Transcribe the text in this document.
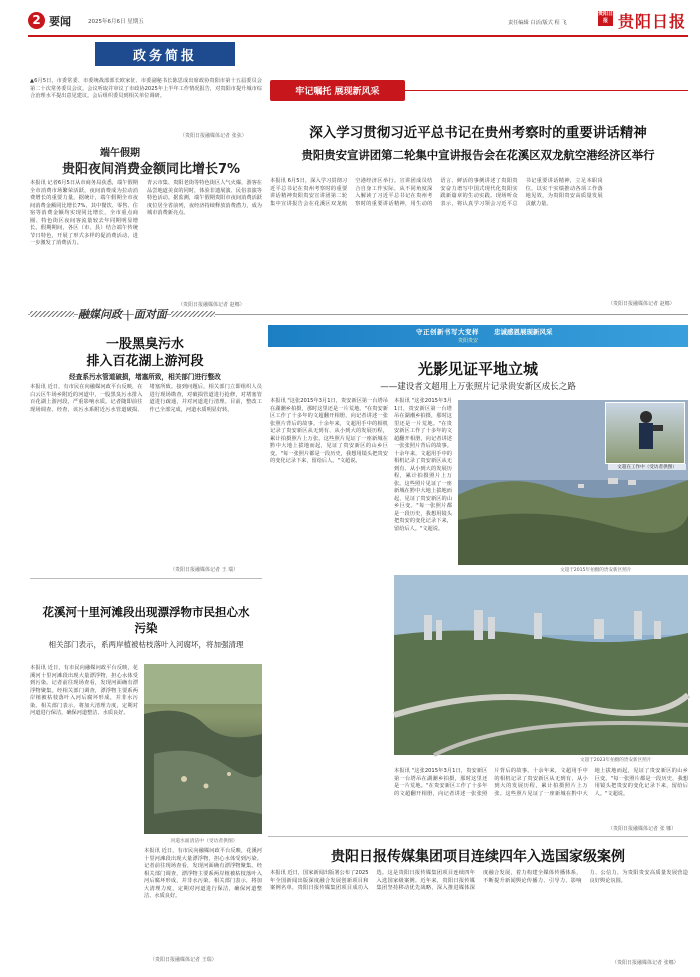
2 要闻	2025年6月6日 星期五	责任编辑 白活/版式 程 飞
贵阳日报 贵阳日报
政务简报
▲6月5日，市委常委、市委统战部部长欧家征、市委副秘书长陈思成出席政协贵阳市第十五届委员会第二十次常务委员会议。会议听取并审议了市政协2025年上半年工作情况报告，对贵阳市提升城市综合治理水平提出意见建议。会后组织委员到相关单位调研。
（贵阳日报融媒体记者 张弦）
端午假期
贵阳夜间消费金额同比增长7%
本报讯 记者6月5日从市商务局获悉，端午假期全市消费市场繁荣活跃，夜间消费成为拉动消费增长的重要力量。据统计，端午假期全市夜间消费金额同比增长7%，其中餐饮、零售、住宿等消费金额均实现同比增长，全市重点商圈、特色街区夜间客流量较去年同期明显增长。假期期间，各区（市、县）结合端午传统节日特色，开展了形式多样的促消费活动，进一步激发了消费活力。
青云市集、贵阳老街等特色街区人气火爆，游客在品尝地道美食的同时，体验非遗展演、民俗表演等特色活动。据监测，端午假期贵阳市夜间消费活跃度位居全省前列，夜经济持续释放消费潜力，成为城市消费新亮点。
（贵阳日报融媒体记者 赵娜）
牢记嘱托 展现新风采
深入学习贯彻习近平总书记在贵州考察时的重要讲话精神
贵阳贵安宣讲团第二轮集中宣讲报告会在花溪区双龙航空港经济区举行
本报讯 6月5日，深入学习贯彻习近平总书记在贵州考察时的重要讲话精神贵阳贵安宣讲团第二轮集中宣讲报告会在花溪区双龙航空港经济区举行。宣讲团成员结合自身工作实际，从不同角度深入解读了习近平总书记在贵州考察时的重要讲话精神，用生动的语言、鲜活的事例讲述了贵阳贵安奋力谱写中国式现代化贵阳实践新篇章的生动实践。现场听众表示，将认真学习领会习近平总书记重要讲话精神，立足本职岗位，以实干实绩推动各项工作落地见效，为贵阳贵安高质量发展贡献力量。
（贵阳日报融媒体记者 赵娜）
融媒问政 | 面对面
一股黑臭污水
排入百花湖上游河段
经查系污水管道破损，堵塞所致，相关部门进行整改
本报讯 近日，有市民在向融媒问政平台反映，在白云区牛场乡附近的河道中，一股黑臭污水排入百花湖上游河段，严重影响水质。记者随即前往现场调查。经查，该污水系附近污水管道破损、堵塞所致。接到问题后，相关部门立即组织人员进行现场勘查，对破损管道进行抢修，对堵塞管道进行疏通，并对河道进行清理。目前，整改工作已全部完成，河道水质明显好转。
（贵阳日报融媒体记者 王 瑞）
花溪河十里河滩段出现漂浮物市民担心水污染
相关部门表示，系两岸植被枯枝落叶入河腐坏，将加强清理
本报讯 近日，有市民向融媒问政平台反映，花溪河十里河滩段出现大量漂浮物，担心水体受到污染。记者前往现场查看，发现河面确有漂浮物聚集。经相关部门调查，漂浮物主要系两岸植被枯枝落叶入河后腐坏形成，并非水污染。相关部门表示，将加大清理力度，定期对河道进行保洁，确保河道整洁、水质良好。
河道水面清洁中（受访者供图）
本报讯 近日，有市民向融媒问政平台反映，花溪河十里河滩段出现大量漂浮物，担心水体受到污染。记者前往现场查看，发现河面确有漂浮物聚集。经相关部门调查，漂浮物主要系两岸植被枯枝落叶入河后腐坏形成，并非水污染。相关部门表示，将加大清理力度，定期对河道进行保洁，确保河道整洁、水质良好。
（贵阳日报融媒体记者 王瑞）
守正创新书写大变样 忠诚感恩展现新风采
贵阳贵安
光影见证平地立城
——建设者文超用上万张照片记录贵安新区成长之路
本报讯 "这张2015年3月1日，贵安新区第一台塔吊在湖潮乡拍摄，那时这里还是一片荒地。"在贵安新区工作了十多年的文超翻开相册，向记者讲述一张张照片背后的故事。十余年来，文超用手中的相机记录了贵安新区从无到有、从小到大的发展历程，累计拍摄照片上万张。这些照片见证了一座新城在黔中大地上拔地而起，见证了贵安新区的山乡巨变。"每一张照片都是一段历史，我想用镜头把贵安的变化记录下来，留给后人。"文超说。
本报讯 "这张2015年3月1日，贵安新区第一台塔吊在湖潮乡拍摄，那时这里还是一片荒地。"在贵安新区工作了十多年的文超翻开相册，向记者讲述一张张照片背后的故事。十余年来，文超用手中的相机记录了贵安新区从无到有、从小到大的发展历程，累计拍摄照片上万张。这些照片见证了一座新城在黔中大地上拔地而起，见证了贵安新区的山乡巨变。"每一张照片都是一段历史，我想用镜头把贵安的变化记录下来，留给后人。"文超说。
文超在工作中（受访者供图）
文超于2015年拍摄的贵安新区照片
文超于2023年拍摄的贵安新区照片
本报讯 "这张2015年3月1日，贵安新区第一台塔吊在湖潮乡拍摄，那时这里还是一片荒地。"在贵安新区工作了十多年的文超翻开相册，向记者讲述一张张照片背后的故事。十余年来，文超用手中的相机记录了贵安新区从无到有、从小到大的发展历程，累计拍摄照片上万张。这些照片见证了一座新城在黔中大地上拔地而起，见证了贵安新区的山乡巨变。"每一张照片都是一段历史，我想用镜头把贵安的变化记录下来，留给后人。"文超说。
（贵阳日报融媒体记者 张 娜）
贵阳日报传媒集团项目连续四年入选国家级案例
本报讯 近日，国家新闻出版署公布了2025年全国新闻出版深度融合发展创新项目和案例名单，贵阳日报传媒集团项目成功入选。这是贵阳日报传媒集团项目连续四年入选国家级案例。近年来，贵阳日报传媒集团坚持移动优先战略，深入推进媒体深度融合发展，着力构建全媒体传播体系，不断提升新闻舆论传播力、引导力、影响力、公信力，为贵阳贵安高质量发展营造良好舆论氛围。
（贵阳日报融媒体记者 张娜）
